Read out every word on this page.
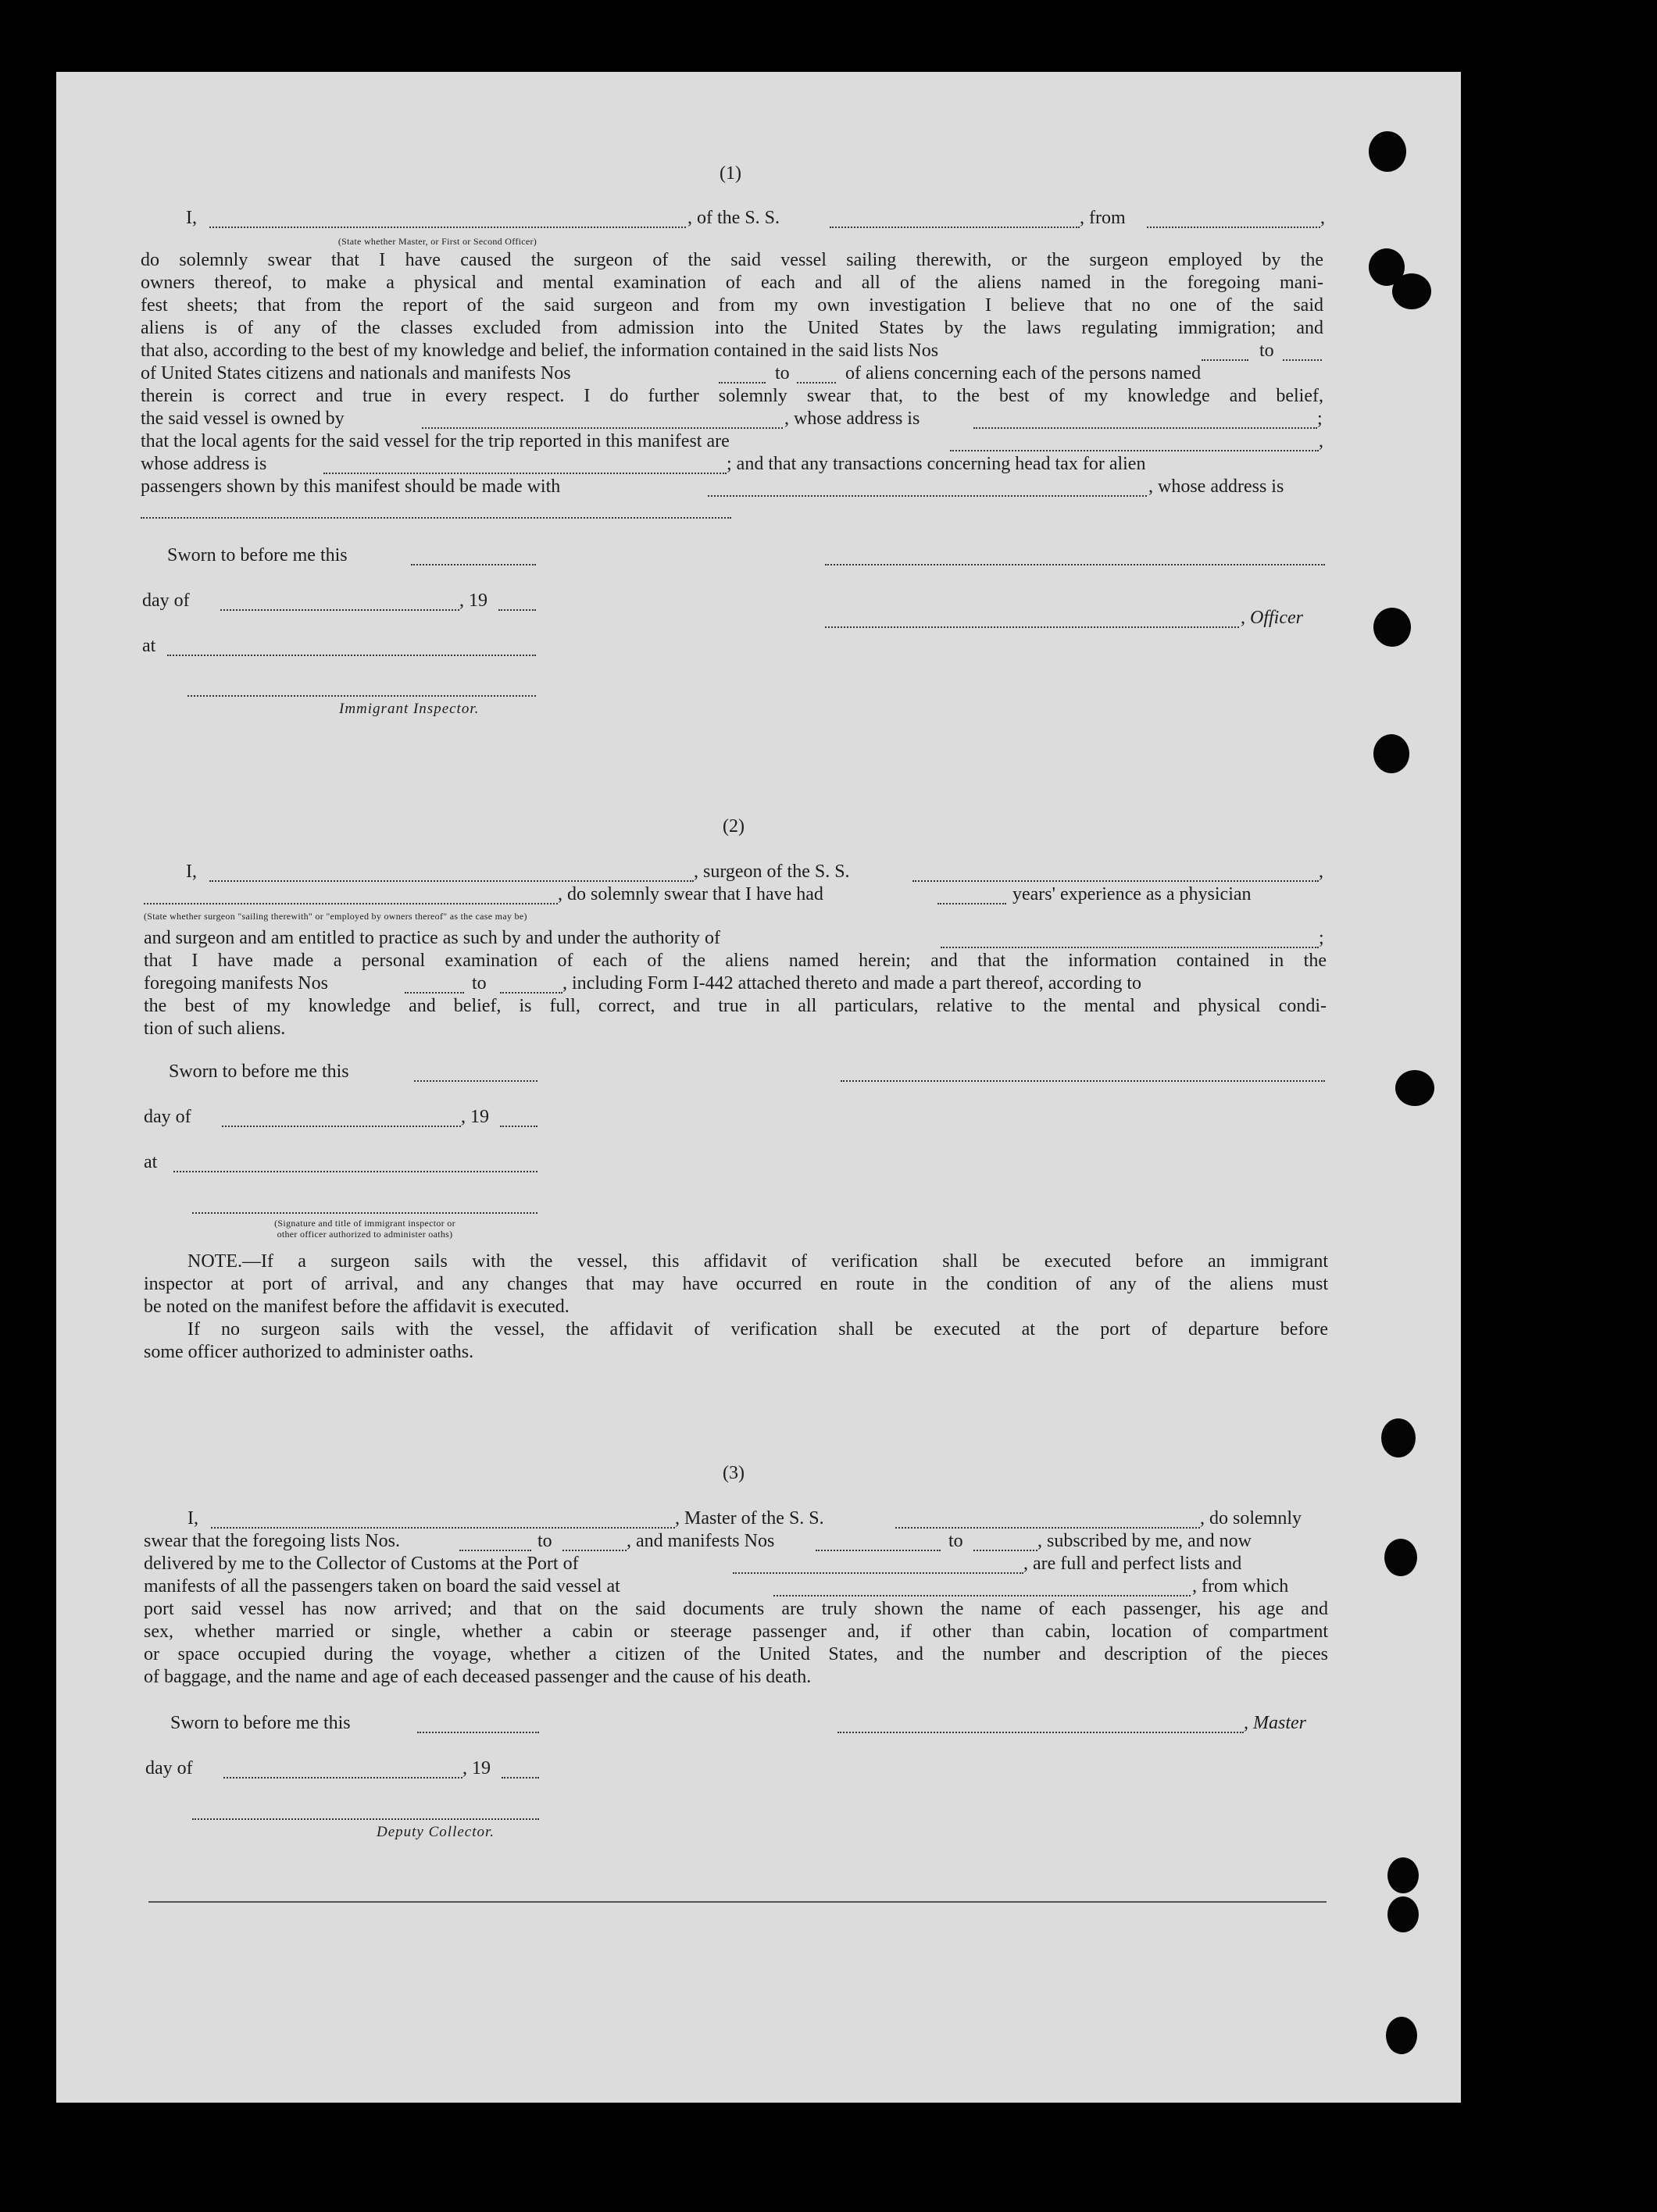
(1)
I,
(State whether Master, or First or Second Officer)
, of the S. S.	, from	,
do solemnly swear that I have caused the surgeon of the said vessel sailing therewith, or the surgeon employed by the
owners thereof, to make a physical and mental examination of each and all of the aliens named in the foregoing mani-
fest sheets; that from the report of the said surgeon and from my own investigation I believe that no one of the said
aliens is of any of the classes excluded from admission into the United States by the laws regulating immigration; and
that also, according to the best of my knowledge and belief, the information contained in the said lists Nos	to
of United States citizens and nationals and manifests Nos	to	of aliens concerning each of the persons named
therein is correct and true in every respect. I do further solemnly swear that, to the best of my knowledge and belief,
the said vessel is owned by	, whose address is	;
that the local agents for the said vessel for the trip reported in this manifest are	,
whose address is	; and that any transactions concerning head tax for alien
passengers shown by this manifest should be made with	, whose address is
Sworn to before me this
day of	, 19
, Officer
at
Immigrant Inspector.
(2)
I,	, surgeon of the S. S.	,
, do solemnly swear that I have had	years' experience as a physician
(State whether surgeon "sailing therewith" or "employed by owners thereof" as the case may be)
and surgeon and am entitled to practice as such by and under the authority of	;
that I have made a personal examination of each of the aliens named herein; and that the information contained in the
foregoing manifests Nos	to	, including Form I-442 attached thereto and made a part thereof, according to
the best of my knowledge and belief, is full, correct, and true in all particulars, relative to the mental and physical condi-
tion of such aliens.
Sworn to before me this
day of	, 19
at
(Signature and title of immigrant inspector or
other officer authorized to administer oaths)
NOTE. —If a surgeon sails with the vessel, this affidavit of verification shall be executed before an immigrant
inspector at port of arrival, and any changes that may have occurred en route in the condition of any of the aliens must
be noted on the manifest before the affidavit is executed.
If no surgeon sails with the vessel, the affidavit of verification shall be executed at the port of departure before
some officer authorized to administer oaths.
(3)
I,	, Master of the S. S.	, do solemnly
swear that the foregoing lists Nos.	to	, and manifests Nos	to	, subscribed by me, and now
delivered by me to the Collector of Customs at the Port of	, are full and perfect lists and
manifests of all the passengers taken on board the said vessel at	, from which
port said vessel has now arrived; and that on the said documents are truly shown the name of each passenger, his age and
sex, whether married or single, whether a cabin or steerage passenger and, if other than cabin, location of compartment
or space occupied during the voyage, whether a citizen of the United States, and the number and description of the pieces
of baggage, and the name and age of each deceased passenger and the cause of his death.
Sworn to before me this	, Master
day of	, 19
Deputy Collector.
